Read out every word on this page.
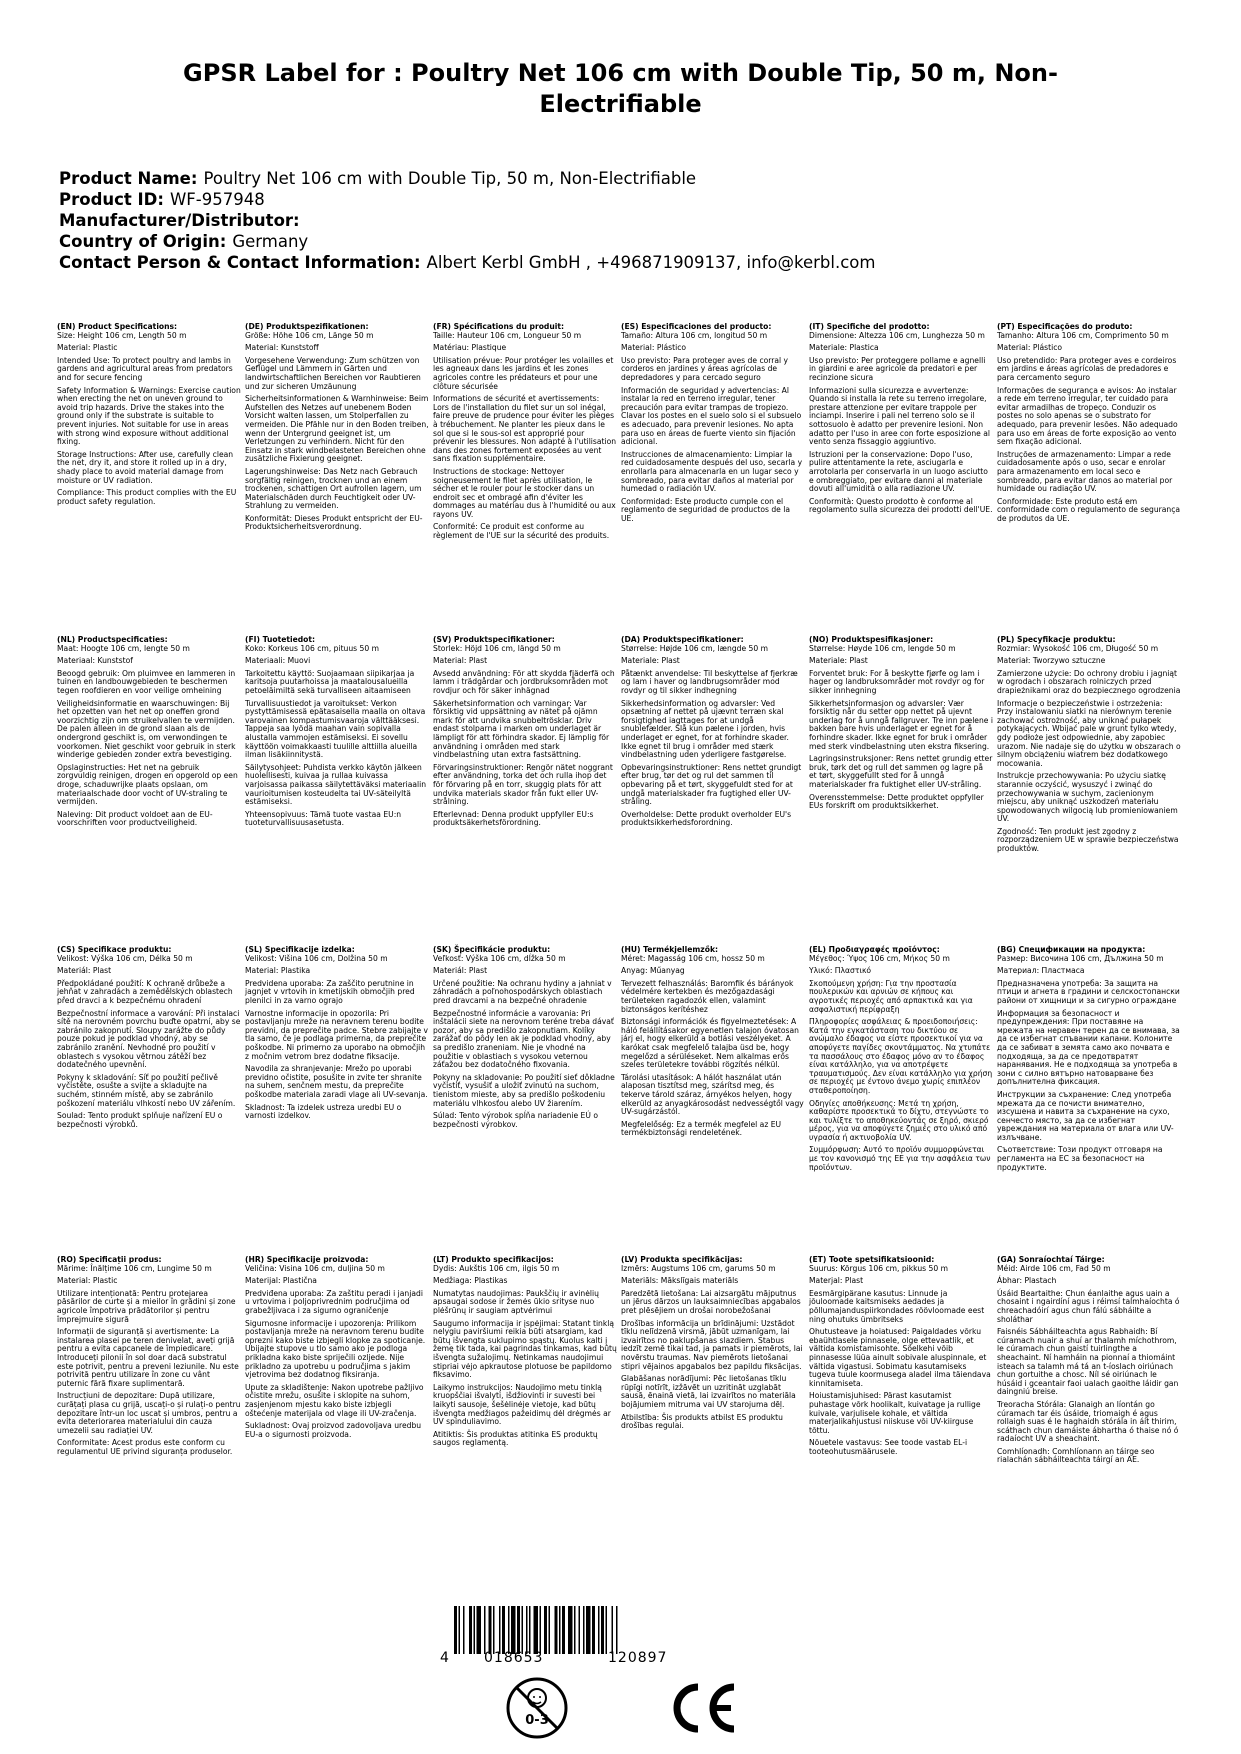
GPSR Label for : Poultry Net 106 cm with Double Tip, 50 m, Non-Electrifiable
Product Name: Poultry Net 106 cm with Double Tip, 50 m, Non-Electrifiable
Product ID: WF-957948
Manufacturer/Distributor:
Country of Origin: Germany
Contact Person & Contact Information: Albert Kerbl GmbH , +496871909137, info@kerbl.com
(EN) Product Specifications:

Size: Height 106 cm, Length 50 m

Material: Plastic

Intended Use: To protect poultry and lambs in gardens and agricultural areas from predators and for secure fencing

Safety Information & Warnings: Exercise caution when erecting the net on uneven ground to avoid trip hazards. Drive the stakes into the ground only if the substrate is suitable to prevent injuries. Not suitable for use in areas with strong wind exposure without additional fixing.

Storage Instructions: After use, carefully clean the net, dry it, and store it rolled up in a dry, shady place to avoid material damage from moisture or UV radiation.

Compliance: This product complies with the EU product safety regulation.

(DE) Produktspezifikationen:

Größe: Höhe 106 cm, Länge 50 m

Material: Kunststoff

Vorgesehene Verwendung: Zum schützen von Geflügel und Lämmern in Gärten und landwirtschaftlichen Bereichen vor Raubtieren und zur sicheren Umzäunung

Sicherheitsinformationen & Warnhinweise: Beim Aufstellen des Netzes auf unebenem Boden Vorsicht walten lassen, um Stolperfallen zu vermeiden. Die Pfähle nur in den Boden treiben, wenn der Untergrund geeignet ist, um Verletzungen zu verhindern. Nicht für den Einsatz in stark windbelasteten Bereichen ohne zusätzliche Fixierung geeignet.

Lagerungshinweise: Das Netz nach Gebrauch sorgfältig reinigen, trocknen und an einem trockenen, schattigen Ort aufrollen lagern, um Materialschäden durch Feuchtigkeit oder UV-Strahlung zu vermeiden.

Konformität: Dieses Produkt entspricht der EU-Produktsicherheitsverordnung.

(FR) Spécifications du produit:

Taille: Hauteur 106 cm, Longueur 50 m

Matériau: Plastique

Utilisation prévue: Pour protéger les volailles et les agneaux dans les jardins et les zones agricoles contre les prédateurs et pour une clôture sécurisée

Informations de sécurité et avertissements: Lors de l'installation du filet sur un sol inégal, faire preuve de prudence pour éviter les pièges à trébuchement. Ne planter les pieux dans le sol que si le sous-sol est approprié pour prévenir les blessures. Non adapté à l'utilisation dans des zones fortement exposées au vent sans fixation supplémentaire.

Instructions de stockage: Nettoyer soigneusement le filet après utilisation, le sécher et le rouler pour le stocker dans un endroit sec et ombragé afin d'éviter les dommages au matériau dus à l'humidité ou aux rayons UV.

Conformité: Ce produit est conforme au règlement de l'UE sur la sécurité des produits.

(ES) Especificaciones del producto:

Tamaño: Altura 106 cm, longitud 50 m

Material: Plástico

Uso previsto: Para proteger aves de corral y corderos en jardines y áreas agrícolas de depredadores y para cercado seguro

Información de seguridad y advertencias: Al instalar la red en terreno irregular, tener precaución para evitar trampas de tropiezo. Clavar los postes en el suelo solo si el subsuelo es adecuado, para prevenir lesiones. No apta para uso en áreas de fuerte viento sin fijación adicional.

Instrucciones de almacenamiento: Limpiar la red cuidadosamente después del uso, secarla y enrollarla para almacenarla en un lugar seco y sombreado, para evitar daños al material por humedad o radiación UV.

Conformidad: Este producto cumple con el reglamento de seguridad de productos de la UE.

(IT) Specifiche del prodotto:

Dimensione: Altezza 106 cm, Lunghezza 50 m

Materiale: Plastica

Uso previsto: Per proteggere pollame e agnelli in giardini e aree agricole da predatori e per recinzione sicura

Informazioni sulla sicurezza e avvertenze: Quando si installa la rete su terreno irregolare, prestare attenzione per evitare trappole per inciampi. Inserire i pali nel terreno solo se il sottosuolo è adatto per prevenire lesioni. Non adatto per l'uso in aree con forte esposizione al vento senza fissaggio aggiuntivo.

Istruzioni per la conservazione: Dopo l'uso, pulire attentamente la rete, asciugarla e arrotolarla per conservarla in un luogo asciutto e ombreggiato, per evitare danni al materiale dovuti all'umidità o alla radiazione UV.

Conformità: Questo prodotto è conforme al regolamento sulla sicurezza dei prodotti dell'UE.

(PT) Especificações do produto:

Tamanho: Altura 106 cm, Comprimento 50 m

Material: Plástico

Uso pretendido: Para proteger aves e cordeiros em jardins e áreas agrícolas de predadores e para cercamento seguro

Informações de segurança e avisos: Ao instalar a rede em terreno irregular, ter cuidado para evitar armadilhas de tropeço. Conduzir os postes no solo apenas se o substrato for adequado, para prevenir lesões. Não adequado para uso em áreas de forte exposição ao vento sem fixação adicional.

Instruções de armazenamento: Limpar a rede cuidadosamente após o uso, secar e enrolar para armazenamento em local seco e sombreado, para evitar danos ao material por humidade ou radiação UV.

Conformidade: Este produto está em conformidade com o regulamento de segurança de produtos da UE.

(NL) Productspecificaties:

Maat: Hoogte 106 cm, lengte 50 m

Materiaal: Kunststof

Beoogd gebruik: Om pluimvee en lammeren in tuinen en landbouwgebieden te beschermen tegen roofdieren en voor veilige omheining

Veiligheidsinformatie en waarschuwingen: Bij het opzetten van het net op oneffen grond voorzichtig zijn om struikelvallen te vermijden. De palen alleen in de grond slaan als de ondergrond geschikt is, om verwondingen te voorkomen. Niet geschikt voor gebruik in sterk winderige gebieden zonder extra bevestiging.

Opslaginstructies: Het net na gebruik zorgvuldig reinigen, drogen en opgerold op een droge, schaduwrijke plaats opslaan, om materiaalschade door vocht of UV-straling te vermijden.

Naleving: Dit product voldoet aan de EU-voorschriften voor productveiligheid.

(FI) Tuotetiedot:

Koko: Korkeus 106 cm, pituus 50 m

Materiaali: Muovi

Tarkoitettu käyttö: Suojaamaan siipikarjaa ja karitsoja puutarhoissa ja maatalousalueilla petoeläimiltä sekä turvalliseen aitaamiseen

Turvallisuustiedot ja varoitukset: Verkon pystyttämisessä epätasaisella maalla on oltava varovainen kompastumisvaaroja välttääksesi. Tappeja saa lyödä maahan vain sopivalla alustalla vammojen estämiseksi. Ei sovellu käyttöön voimakkaasti tuulille alttiilla alueilla ilman lisäkiinnitystä.

Säilytysohjeet: Puhdista verkko käytön jälkeen huolellisesti, kuivaa ja rullaa kuivassa varjoisassa paikassa säilytettäväksi materiaalin vaurioitumisen kosteudelta tai UV-säteilyltä estämiseksi.

Yhteensopivuus: Tämä tuote vastaa EU:n tuoteturvallisuusasetusta.

(SV) Produktspecifikationer:

Storlek: Höjd 106 cm, längd 50 m

Material: Plast

Avsedd användning: För att skydda fjäderfä och lamm i trädgårdar och jordbruksområden mot rovdjur och för säker inhägnad

Säkerhetsinformation och varningar: Var försiktig vid uppsättning av nätet på ojämn mark för att undvika snubbeltrösklar. Driv endast stolparna i marken om underlaget är lämpligt för att förhindra skador. Ej lämplig för användning i områden med stark vindbelastning utan extra fastsättning.

Förvaringsinstruktioner: Rengör nätet noggrant efter användning, torka det och rulla ihop det för förvaring på en torr, skuggig plats för att undvika materials skador från fukt eller UV-strålning.

Efterlevnad: Denna produkt uppfyller EU:s produktsäkerhetsförordning.

(DA) Produktspecifikationer:

Størrelse: Højde 106 cm, længde 50 m

Materiale: Plast

Påtænkt anvendelse: Til beskyttelse af fjerkræ og lam i haver og landbrugsområder mod rovdyr og til sikker indhegning

Sikkerhedsinformation og advarsler: Ved opsætning af nettet på ujævnt terræn skal forsigtighed iagttages for at undgå snublefælder. Slå kun pælene i jorden, hvis underlaget er egnet, for at forhindre skader. Ikke egnet til brug i områder med stærk vindbelastning uden yderligere fastgørelse.

Opbevaringsinstruktioner: Rens nettet grundigt efter brug, tør det og rul det sammen til opbevaring på et tørt, skyggefuldt sted for at undgå materialskader fra fugtighed eller UV-stråling.

Overholdelse: Dette produkt overholder EU's produktsikkerhedsforordning.

(NO) Produktspesifikasjoner:

Størrelse: Høyde 106 cm, lengde 50 m

Materiale: Plast

Forventet bruk: For å beskytte fjørfe og lam i hager og landbruksområder mot rovdyr og for sikker innhegning

Sikkerhetsinformasjon og advarsler: Vær forsiktig når du setter opp nettet på ujevnt underlag for å unngå fallgruver. Tre inn pælene i bakken bare hvis underlaget er egnet for å forhindre skader. Ikke egnet for bruk i områder med sterk vindbelastning uten ekstra fiksering.

Lagringsinstruksjoner: Rens nettet grundig etter bruk, tørk det og rull det sammen og lagre på et tørt, skyggefullt sted for å unngå materialskader fra fuktighet eller UV-stråling.

Overensstemmelse: Dette produktet oppfyller EUs forskrift om produktsikkerhet.

(PL) Specyfikacje produktu:

Rozmiar: Wysokość 106 cm, Długość 50 m

Materiał: Tworzywo sztuczne

Zamierzone użycie: Do ochrony drobiu i jagniąt w ogrodach i obszarach rolniczych przed drapieżnikami oraz do bezpiecznego ogrodzenia

Informacje o bezpieczeństwie i ostrzeżenia: Przy instalowaniu siatki na nierównym terenie zachować ostrożność, aby uniknąć pułapek potykających. Wbijać pale w grunt tylko wtedy, gdy podłoże jest odpowiednie, aby zapobiec urazom. Nie nadaje się do użytku w obszarach o silnym obciążeniu wiatrem bez dodatkowego mocowania.

Instrukcje przechowywania: Po użyciu siatkę starannie oczyścić, wysuszyć i zwinąć do przechowywania w suchym, zacienionym miejscu, aby uniknąć uszkodzeń materiału spowodowanych wilgocią lub promieniowaniem UV.

Zgodność: Ten produkt jest zgodny z rozporządzeniem UE w sprawie bezpieczeństwa produktów.

(CS) Specifikace produktu:

Velikost: Výška 106 cm, Délka 50 m

Materiál: Plast

Předpokládané použití: K ochraně drůbeže a jehňat v zahradách a zemědělských oblastech před dravci a k bezpečnému ohradení

Bezpečnostní informace a varování: Při instalaci sítě na nerovném povrchu buďte opatrní, aby se zabránilo zakopnutí. Sloupy zarážte do půdy pouze pokud je podklad vhodný, aby se zabránilo zranění. Nevhodné pro použití v oblastech s vysokou větrnou zátěží bez dodatečného upevnění.

Pokyny k skladování: Síť po použití pečlivě vyčistěte, osušte a svijte a skladujte na suchém, stinném místě, aby se zabránilo poškození materiálu vlhkostí nebo UV zářením.

Soulad: Tento produkt splňuje nařízení EU o bezpečnosti výrobků.

(SL) Specifikacije izdelka:

Velikost: Višina 106 cm, Dolžina 50 m

Material: Plastika

Predvidena uporaba: Za zaščito perutnine in jagnjet v vrtovih in kmetijskih območjih pred plenilci in za varno ograjo

Varnostne informacije in opozorila: Pri postavljanju mreže na neravnem terenu bodite previdni, da preprečite padce. Stebre zabijajte v tla samo, če je podlaga primerna, da preprečite poškodbe. Ni primerno za uporabo na območjih z močnim vetrom brez dodatne fiksacije.

Navodila za shranjevanje: Mrežo po uporabi previdno očistite, posušite in zvite ter shranite na suhem, senčnem mestu, da preprečite poškodbe materiala zaradi vlage ali UV-sevanja.

Skladnost: Ta izdelek ustreza uredbi EU o varnosti izdelkov.

(SK) Špecifikácie produktu:

Veľkosť: Výška 106 cm, dĺžka 50 m

Materiál: Plast

Určené použitie: Na ochranu hydiny a jahniat v záhradách a poľnohospodárskych oblastiach pred dravcami a na bezpečné ohradenie

Bezpečnostné informácie a varovania: Pri inštalácii siete na nerovnom teréne treba dávať pozor, aby sa predišlo zakopnutiam. Kolíky zarážať do pôdy len ak je podklad vhodný, aby sa predišlo zraneniam. Nie je vhodné na použitie v oblastiach s vysokou veternou záťažou bez dodatočného fixovania.

Pokyny na skladovanie: Po použití sieť dôkladne vyčistiť, vysušiť a uložiť zvinutú na suchom, tienistom mieste, aby sa predišlo poškodeniu materiálu vlhkosťou alebo UV žiarením.

Súlad: Tento výrobok spĺňa nariadenie EÚ o bezpečnosti výrobkov.

(HU) Termékjellemzők:

Méret: Magasság 106 cm, hossz 50 m

Anyag: Műanyag

Tervezett felhasználás: Baromfik és bárányok védelmére kertekben és mezőgazdasági területeken ragadozók ellen, valamint biztonságos kerítéshez

Biztonsági információk és figyelmeztetések: A háló felállításakor egyenetlen talajon óvatosan járj el, hogy elkerüld a botlási veszélyeket. A karókat csak megfelelő talajba üsd be, hogy megelőzd a sérüléseket. Nem alkalmas erős szeles területekre további rögzítés nélkül.

Tárolási utasítások: A hálót használat után alaposan tisztítsd meg, szárítsd meg, és tekerve tárold száraz, árnyékos helyen, hogy elkerüld az anyagkárosodást nedvességtől vagy UV-sugárzástól.

Megfelelőség: Ez a termék megfelel az EU termékbiztonsági rendeletének.

(EL) Προδιαγραφές προϊόντος:

Μέγεθος: Ύψος 106 cm, Μήκος 50 m

Υλικό: Πλαστικό

Σκοπούμενη χρήση: Για την προστασία πουλερικών και αρνιών σε κήπους και αγροτικές περιοχές από αρπακτικά και για ασφαλιστική περίφραξη

Πληροφορίες ασφάλειας & προειδοποιήσεις: Κατά την εγκατάσταση του δικτύου σε ανώμαλο έδαφος να είστε προσεκτικοί για να αποφύγετε παγίδες σκοντάμματος. Να χτυπάτε τα πασσάλους στο έδαφος μόνο αν το έδαφος είναι κατάλληλο, για να αποτρέψετε τραυματισμούς. Δεν είναι κατάλληλο για χρήση σε περιοχές με έντονο άνεμο χωρίς επιπλέον σταθεροποίηση.

Οδηγίες αποθήκευσης: Μετά τη χρήση, καθαρίστε προσεκτικά το δίχτυ, στεγνώστε το και τυλίξτε το αποθηκεύοντάς σε ξηρό, σκιερό μέρος, για να αποφύγετε ζημιές στο υλικό από υγρασία ή ακτινοβολία UV.

Συμμόρφωση: Αυτό το προϊόν συμμορφώνεται με τον κανονισμό της ΕΕ για την ασφάλεια των προϊόντων.

(BG) Спецификации на продукта:

Размер: Височина 106 cm, Дължина 50 m

Материал: Пластмаса

Предназначена употреба: За защита на птици и агнета в градини и селскостопански райони от хищници и за сигурно ограждане

Информация за безопасност и предупреждения: При поставяне на мрежата на неравен терен да се внимава, за да се избегнат спъвании капани. Колоните да се забиват в земята само ако почвата е подходяща, за да се предотвратят наранявания. Не е подходяща за употреба в зони с силно вятърно натоварване без допълнителна фиксация.

Инструкции за съхранение: След употреба мрежата да се почисти внимателно, изсушена и навита за съхранение на сухо, сенчесто място, за да се избегнат увреждания на материала от влага или UV-излъчване.

Съответствие: Този продукт отговаря на регламента на ЕС за безопасност на продуктите.

(RO) Specificații produs:

Mărime: Înălțime 106 cm, Lungime 50 m

Material: Plastic

Utilizare intenționată: Pentru protejarea păsărilor de curte și a mieilor în grădini și zone agricole împotriva prădătorilor și pentru împrejmuire sigură

Informații de siguranță și avertismente: La instalarea plasei pe teren denivelat, aveți grijă pentru a evita capcanele de împiedicare. Introduceți pilonii în sol doar dacă substratul este potrivit, pentru a preveni leziunile. Nu este potrivită pentru utilizare în zone cu vânt puternic fără fixare suplimentară.

Instrucțiuni de depozitare: După utilizare, curățați plasa cu grijă, uscați-o și rulați-o pentru depozitare într-un loc uscat și umbros, pentru a evita deteriorarea materialului din cauza umezelii sau radiației UV.

Conformitate: Acest produs este conform cu regulamentul UE privind siguranța produselor.

(HR) Specifikacije proizvoda:

Veličina: Visina 106 cm, duljina 50 m

Materijal: Plastična

Predviđena uporaba: Za zaštitu peradi i janjadi u vrtovima i poljoprivrednim područjima od grabežljivaca i za sigurno ograničenje

Sigurnosne informacije i upozorenja: Prilikom postavljanja mreže na neravnom terenu budite oprezni kako biste izbjegli klopke za spoticanje. Ubijajte stupove u tlo samo ako je podloga prikladna kako biste spriječili ozljede. Nije prikladno za upotrebu u područjima s jakim vjetrovima bez dodatnog fiksiranja.

Upute za skladištenje: Nakon upotrebe pažljivo očistite mrežu, osušite i sklopite na suhom, zasjenjenom mjestu kako biste izbjegli oštećenje materijala od vlage ili UV-zračenja.

Sukladnost: Ovaj proizvod zadovoljava uredbu EU-a o sigurnosti proizvoda.

(LT) Produkto specifikacijos:

Dydis: Aukštis 106 cm, ilgis 50 m

Medžiaga: Plastikas

Numatytas naudojimas: Paukščių ir avinėlių apsaugai sodose ir žemės ūkio srityse nuo plėšrūnų ir saugiam aptvėrimui

Saugumo informacija ir įspėjimai: Statant tinklą nelygiu paviršiumi reikia būti atsargiam, kad būtų išvengta suklupimo spąstų. Kuolus kalti į žemę tik tada, kai pagrindas tinkamas, kad būtų išvengta sužalojimų. Netinkamas naudojimui stipriai vėjo apkrautose plotuose be papildomo fiksavimo.

Laikymo instrukcijos: Naudojimo metu tinklą kruopščiai išvalyti, išdžiovinti ir suvesti bei laikyti sausoje, šešėlinėje vietoje, kad būtų išvengta medžiagos pažeidimų dėl drėgmės ar UV spinduliavimo.

Atitiktis: Šis produktas atitinka ES produktų saugos reglamentą.

(LV) Produkta specifikācijas:

Izmērs: Augstums 106 cm, garums 50 m

Materiāls: Mākslīgais materiāls

Paredzētā lietošana: Lai aizsargātu mājputnus un jērus dārzos un lauksaimniecības apgabalos pret plēsējiem un drošai norobežošanai

Drošības informācija un brīdinājumi: Uzstādot tīklu nelīdzenā virsmā, jābūt uzmanīgam, lai izvairītos no paklupšanas slazdiem. Stabus iedzīt zemē tikai tad, ja pamats ir piemērots, lai novērstu traumas. Nav piemērots lietošanai stipri vējainos apgabalos bez papildu fiksācijas.

Glabāšanas norādījumi: Pēc lietošanas tīklu rūpīgi notīrīt, izžāvēt un uzritināt uzglabāt sausā, ēnainā vietā, lai izvairītos no materiāla bojājumiem mitruma vai UV starojuma dēļ.

Atbilstība: Šis produkts atbilst ES produktu drošības regulai.

(ET) Toote spetsifikatsioonid:

Suurus: Kõrgus 106 cm, pikkus 50 m

Materjal: Plast

Eesmärgipärane kasutus: Linnude ja jõuloomade kaitsmiseks aedades ja põllumajanduspiirkondades röövloomade eest ning ohutuks ümbritseks

Ohutusteave ja hoiatused: Paigaldades võrku ebaühtlasele pinnasele, olge ettevaatlik, et vältida komistamisohte. Söelkehi võib pinnasesse lüüa ainult sobivale aluspinnale, et vältida vigastusi. Sobimatu kasutamiseks tugeva tuule koormusega aladel ilma täiendava kinnitamiseta.

Hoiustamisjuhised: Pärast kasutamist puhastage võrk hoolikalt, kuivatage ja rullige kuivale, varjulisele kohale, et vältida materjalikahjustusi niiskuse või UV-kiirguse tõttu.

Nõuetele vastavus: See toode vastab EL-i tooteohutusmäärusele.

(GA) Sonraíochtaí Táirge:

Méid: Airde 106 cm, Fad 50 m

Ábhar: Plastach

Úsáid Beartaithe: Chun éanlaithe agus uain a chosaint i ngairdíní agus i réimsí talmhaíochta ó chreachadóirí agus chun fálú sábháilte a sholáthar

Faisnéis Sábháilteachta agus Rabhaidh: Bí cúramach nuair a shuí ar thalamh míchothrom, le cúramach chun gaistí tuirlingthe a sheachaint. Ní hamháin na pionnaí a thiomáint isteach sa talamh má tá an t-íoslach oiriúnach chun gortuithe a chosc. Níl sé oiriúnach le húsáid i gceantair faoi ualach gaoithe láidir gan daingniú breise.

Treoracha Stórála: Glanaigh an líontán go cúramach tar éis úsáide, triomaigh é agus rollaigh suas é le haghaidh stórála in áit thirim, scáthach chun damáiste ábhartha ó thaise nó ó radaíocht UV a sheachaint.

Comhlíonadh: Comhlíonann an táirge seo rialachán sábháilteachta táirgí an AE.

4 018653	120897
0-3
